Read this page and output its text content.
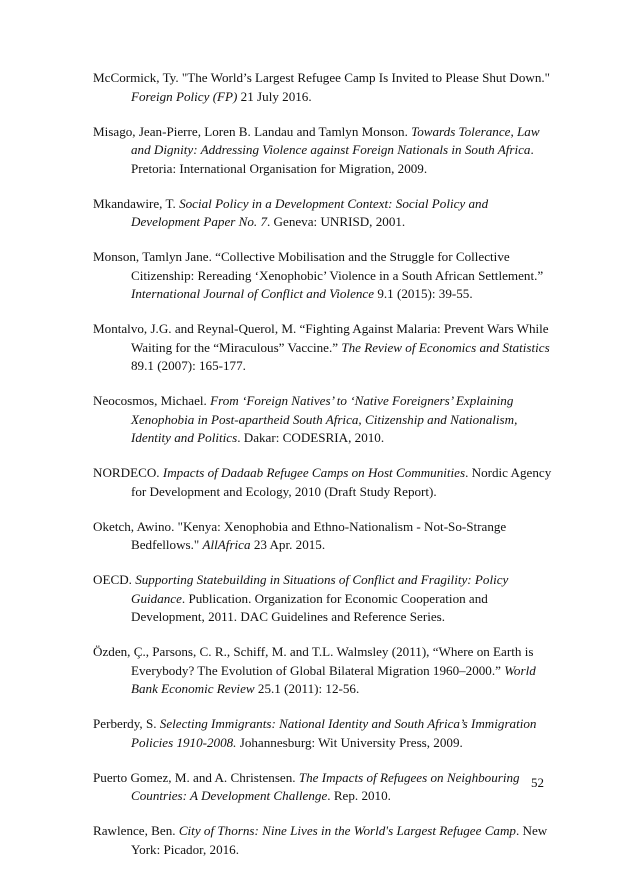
McCormick, Ty. "The World’s Largest Refugee Camp Is Invited to Please Shut Down." Foreign Policy (FP) 21 July 2016.

Misago, Jean-Pierre, Loren B. Landau and Tamlyn Monson. Towards Tolerance, Law and Dignity: Addressing Violence against Foreign Nationals in South Africa. Pretoria: International Organisation for Migration, 2009.

Mkandawire, T. Social Policy in a Development Context: Social Policy and Development Paper No. 7. Geneva: UNRISD, 2001.

Monson, Tamlyn Jane. “Collective Mobilisation and the Struggle for Collective Citizenship: Rereading ‘Xenophobic’ Violence in a South African Settlement.” International Journal of Conflict and Violence 9.1 (2015): 39-55.

Montalvo, J.G. and Reynal-Querol, M. “Fighting Against Malaria: Prevent Wars While Waiting for the “Miraculous” Vaccine.” The Review of Economics and Statistics 89.1 (2007): 165-177.

Neocosmos, Michael. From ‘Foreign Natives’ to ‘Native Foreigners’ Explaining Xenophobia in Post-apartheid South Africa, Citizenship and Nationalism, Identity and Politics. Dakar: CODESRIA, 2010.

NORDECO. Impacts of Dadaab Refugee Camps on Host Communities. Nordic Agency for Development and Ecology, 2010 (Draft Study Report).

Oketch, Awino. "Kenya: Xenophobia and Ethno-Nationalism - Not-So-Strange Bedfellows." AllAfrica 23 Apr. 2015.

OECD. Supporting Statebuilding in Situations of Conflict and Fragility: Policy Guidance. Publication. Organization for Economic Cooperation and Development, 2011. DAC Guidelines and Reference Series.

Özden, Ç., Parsons, C. R., Schiff, M. and T.L. Walmsley (2011), “Where on Earth is Everybody? The Evolution of Global Bilateral Migration 1960–2000.” World Bank Economic Review 25.1 (2011): 12-56.

Perberdy, S. Selecting Immigrants: National Identity and South Africa’s Immigration Policies 1910-2008. Johannesburg: Wit University Press, 2009.

Puerto Gomez, M. and A. Christensen. The Impacts of Refugees on Neighbouring Countries: A Development Challenge. Rep. 2010.

Rawlence, Ben. City of Thorns: Nine Lives in the World's Largest Refugee Camp. New York: Picador, 2016.

52
